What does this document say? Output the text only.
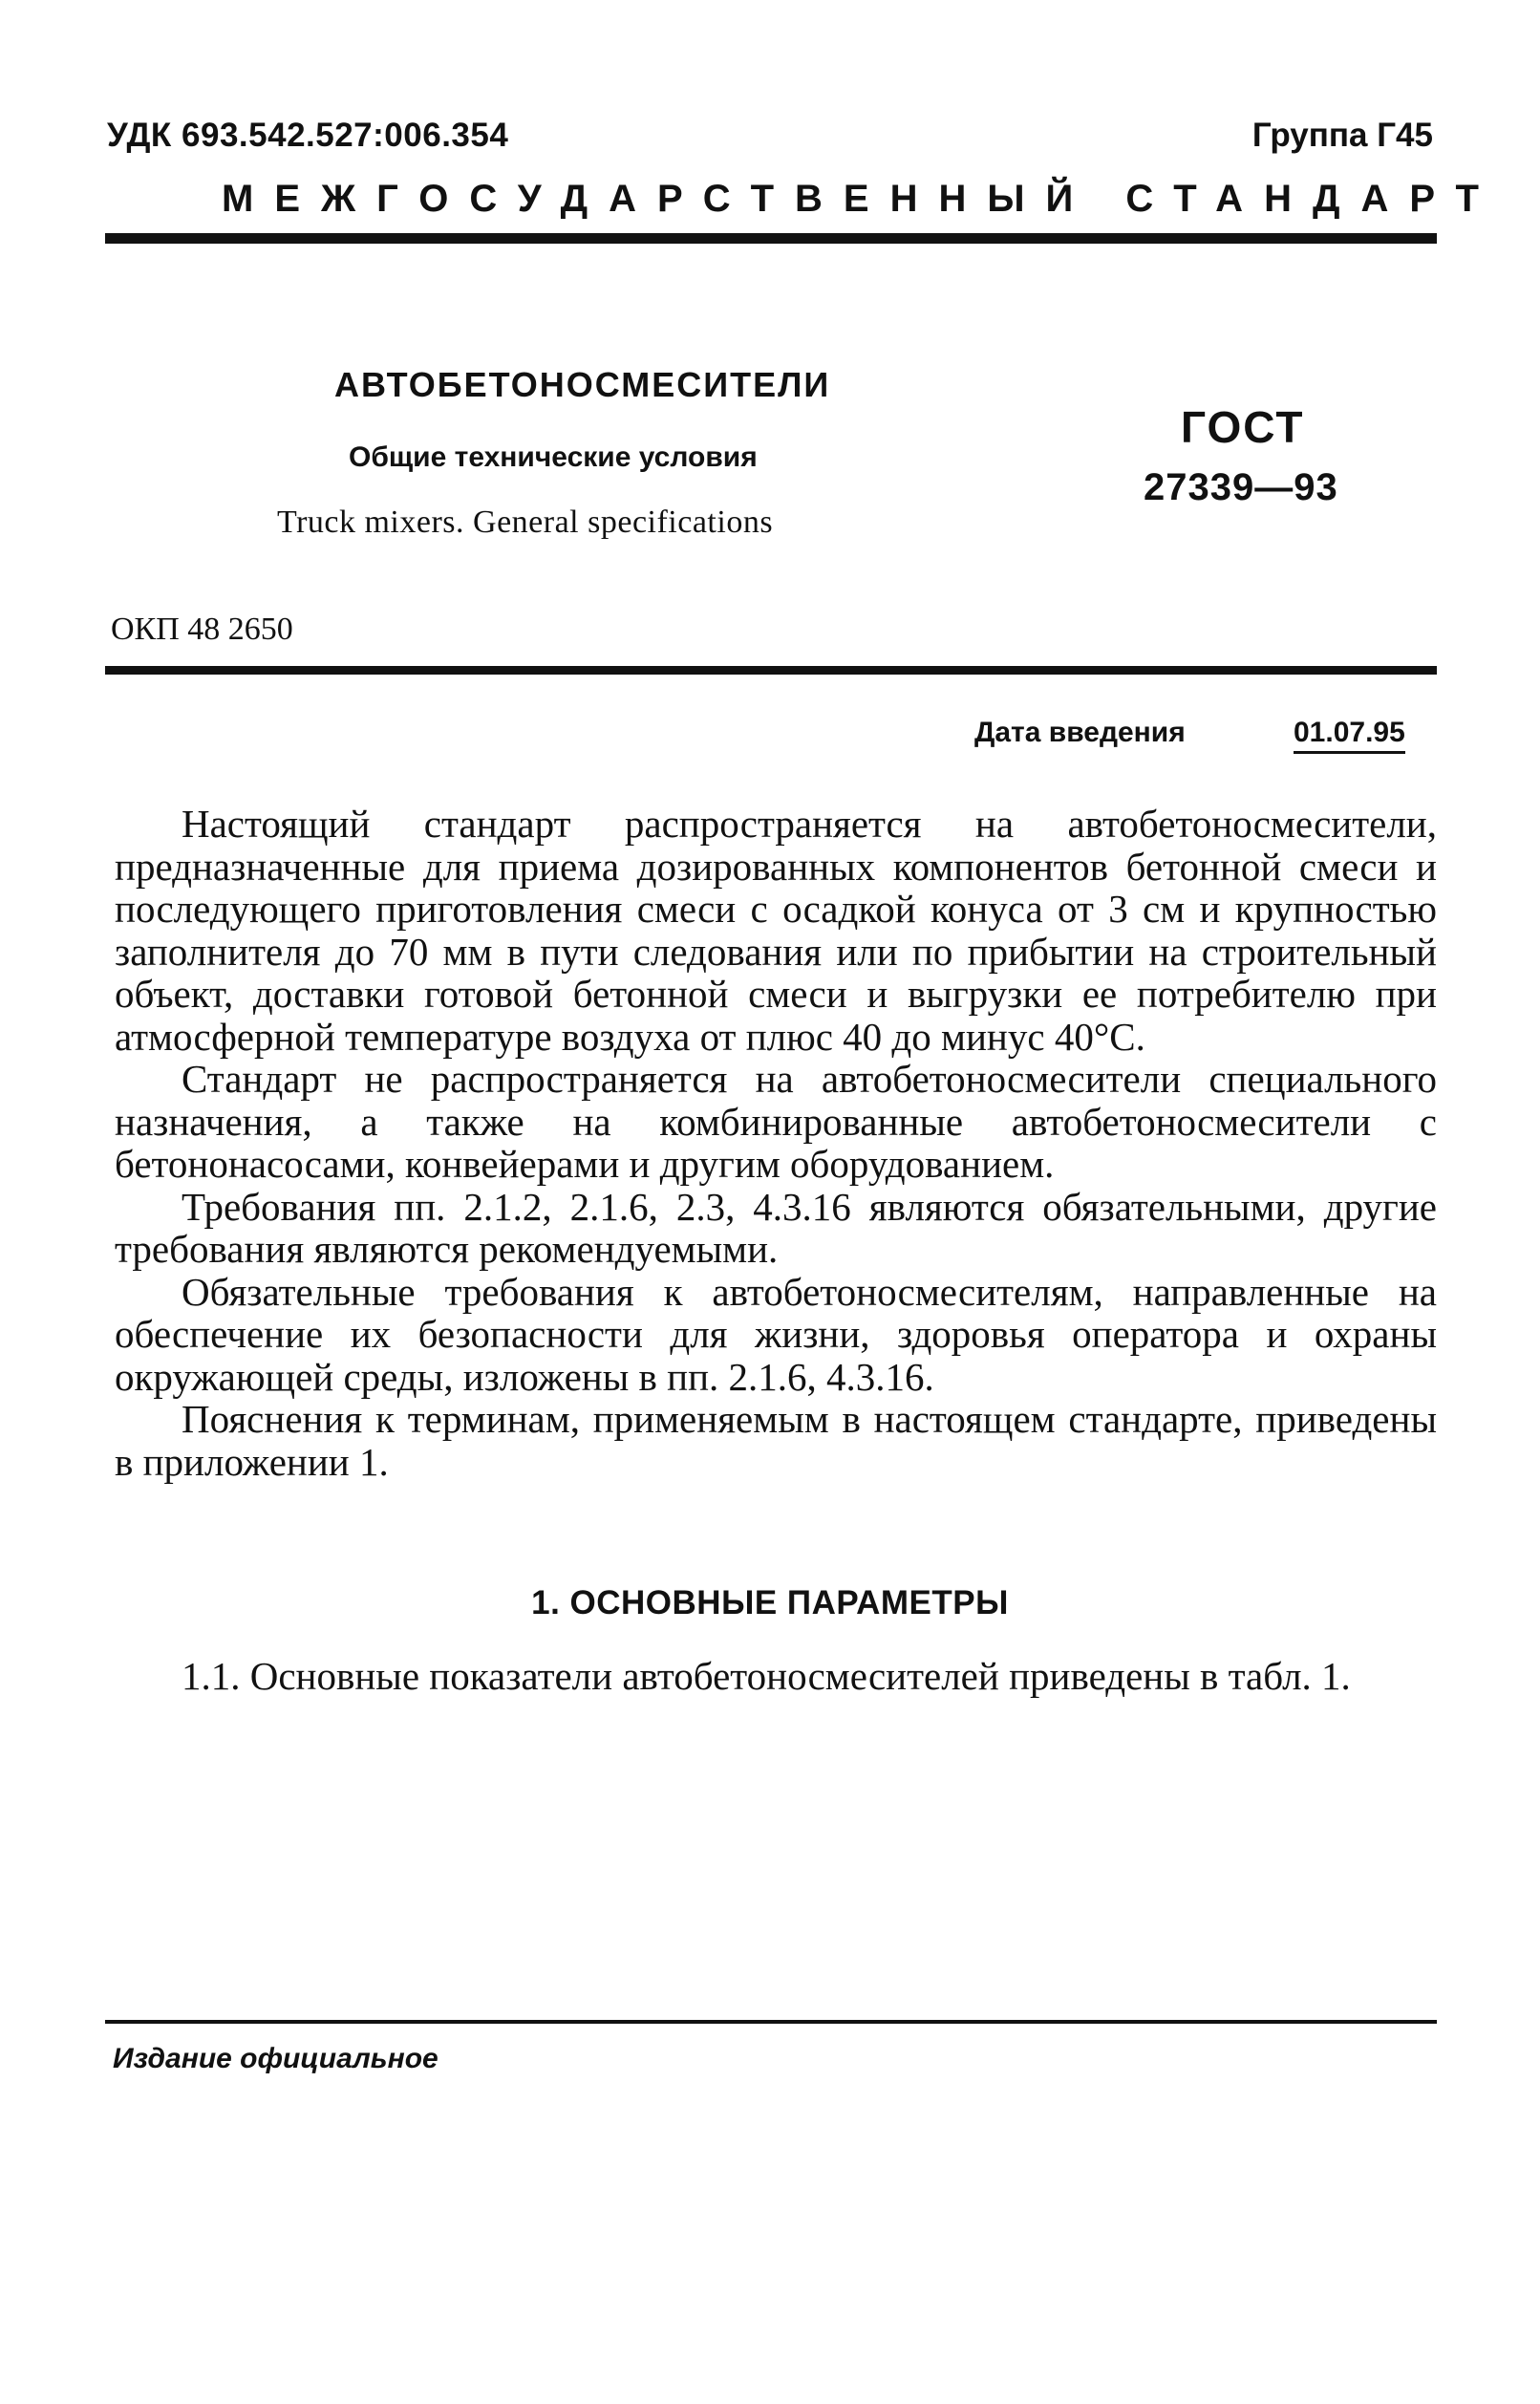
УДК 693.542.527:006.354	Группа Г45
МЕЖГОСУДАРСТВЕННЫЙ СТАНДАРТ
АВТОБЕТОНОСМЕСИТЕЛИ
Общие технические условия
Truck mixers. General specifications
ГОСТ
27339—93
ОКП 48 2650
Дата введения	01.07.95

Настоящий стандарт распространяется на автобетоносмесители, предназначенные для приема дозированных компонентов бетонной смеси и последующего приготовления смеси с осадкой конуса от 3 см и крупностью заполнителя до 70 мм в пути следования или по прибытии на строительный объект, доставки готовой бетонной смеси и выгрузки ее потребителю при атмосферной температуре воздуха от плюс 40 до минус 40°С.

Стандарт не распространяется на автобетоносмесители специального назначения, а также на комбинированные автобетоносмесители с бетононасосами, конвейерами и другим оборудованием.

Требования пп. 2.1.2, 2.1.6, 2.3, 4.3.16 являются обязательными, другие требования являются рекомендуемыми.

Обязательные требования к автобетоносмесителям, направленные на обеспечение их безопасности для жизни, здоровья оператора и охраны окружающей среды, изложены в пп. 2.1.6, 4.3.16.

Пояснения к терминам, применяемым в настоящем стандарте, приведены в приложении 1.

1. ОСНОВНЫЕ ПАРАМЕТРЫ

1.1. Основные показатели автобетоносмесителей приведены в табл. 1.

Издание официальное
